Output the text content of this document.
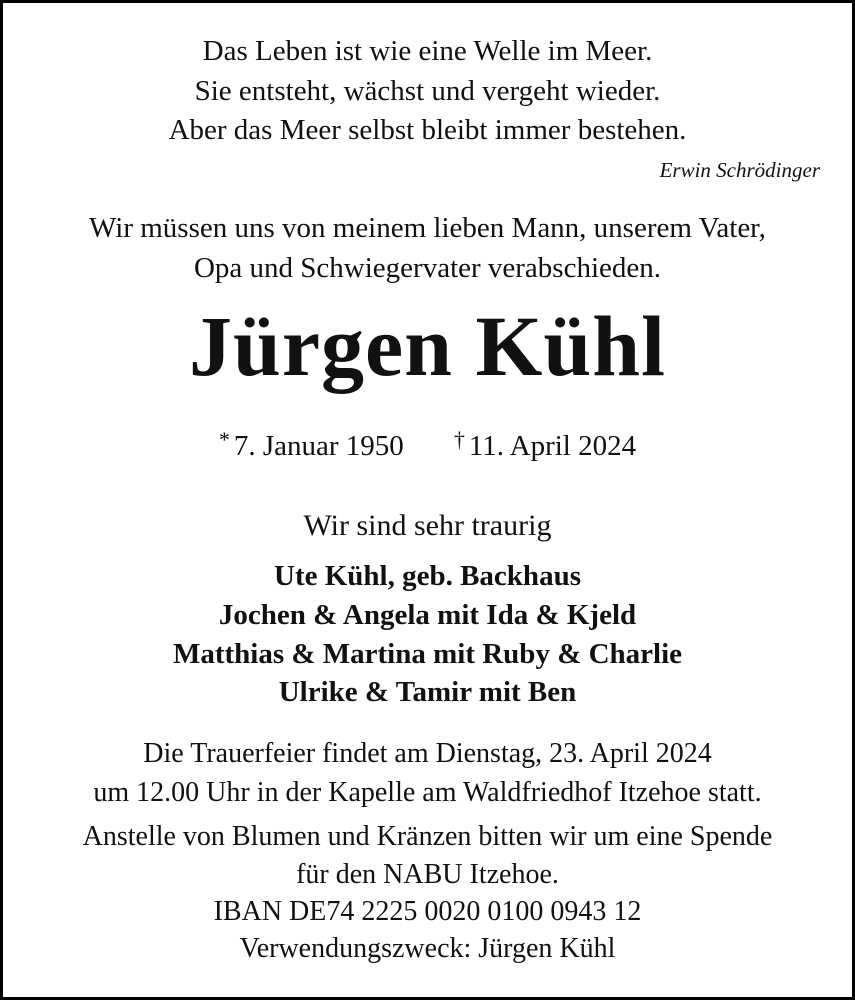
Das Leben ist wie eine Welle im Meer.

Sie entsteht, wächst und vergeht wieder.

Aber das Meer selbst bleibt immer bestehen.

Erwin Schrödinger

Wir müssen uns von meinem lieben Mann, unserem Vater,

Opa und Schwiegervater verabschieden.

Jürgen Kühl

* 7. Januar 1950 † 11. April 2024

Wir sind sehr traurig

Ute Kühl, geb. Backhaus

Jochen & Angela mit Ida & Kjeld

Matthias & Martina mit Ruby & Charlie

Ulrike & Tamir mit Ben

Die Trauerfeier findet am Dienstag, 23. April 2024

um 12.00 Uhr in der Kapelle am Waldfriedhof Itzehoe statt.

Anstelle von Blumen und Kränzen bitten wir um eine Spende

für den NABU Itzehoe.

IBAN DE74 2225 0020 0100 0943 12

Verwendungszweck: Jürgen Kühl
